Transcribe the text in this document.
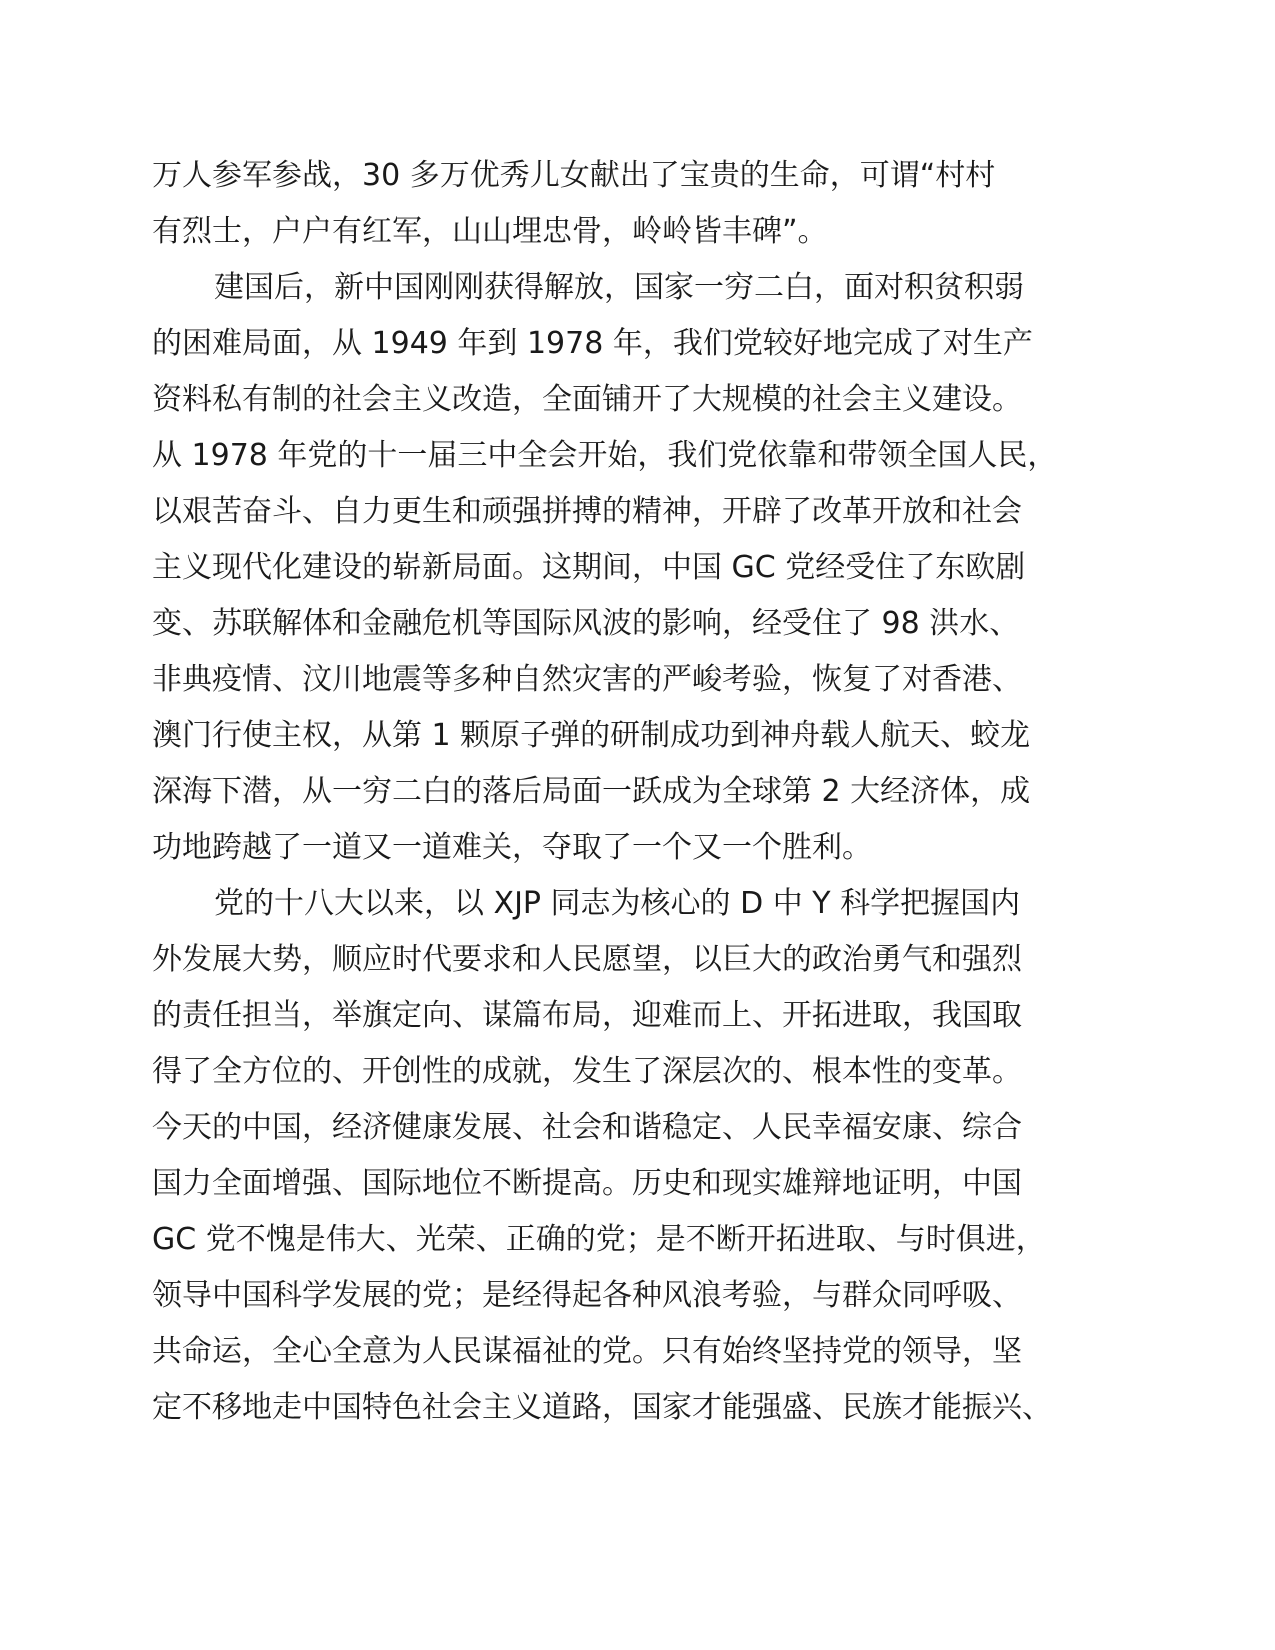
万人参军参战，30 多万优秀儿女献出了宝贵的生命，可谓“村村
有烈士，户户有红军，山山埋忠骨，岭岭皆丰碑”。
建国后，新中国刚刚获得解放，国家一穷二白，面对积贫积弱
的困难局面，从 1949 年到 1978 年，我们党较好地完成了对生产
资料私有制的社会主义改造，全面铺开了大规模的社会主义建设。
从 1978 年党的十一届三中全会开始，我们党依靠和带领全国人民，
以艰苦奋斗、自力更生和顽强拼搏的精神，开辟了改革开放和社会
主义现代化建设的崭新局面。这期间，中国 GC 党经受住了东欧剧
变、苏联解体和金融危机等国际风波的影响，经受住了 98 洪水、
非典疫情、汶川地震等多种自然灾害的严峻考验，恢复了对香港、
澳门行使主权，从第 1 颗原子弹的研制成功到神舟载人航天、蛟龙
深海下潜，从一穷二白的落后局面一跃成为全球第 2 大经济体，成
功地跨越了一道又一道难关，夺取了一个又一个胜利。
党的十八大以来，以 XJP 同志为核心的 D 中 Y 科学把握国内
外发展大势，顺应时代要求和人民愿望，以巨大的政治勇气和强烈
的责任担当，举旗定向、谋篇布局，迎难而上、开拓进取，我国取
得了全方位的、开创性的成就，发生了深层次的、根本性的变革。
今天的中国，经济健康发展、社会和谐稳定、人民幸福安康、综合
国力全面增强、国际地位不断提高。历史和现实雄辩地证明，中国
GC 党不愧是伟大、光荣、正确的党；是不断开拓进取、与时俱进，
领导中国科学发展的党；是经得起各种风浪考验，与群众同呼吸、
共命运，全心全意为人民谋福祉的党。只有始终坚持党的领导，坚
定不移地走中国特色社会主义道路，国家才能强盛、民族才能振兴、
